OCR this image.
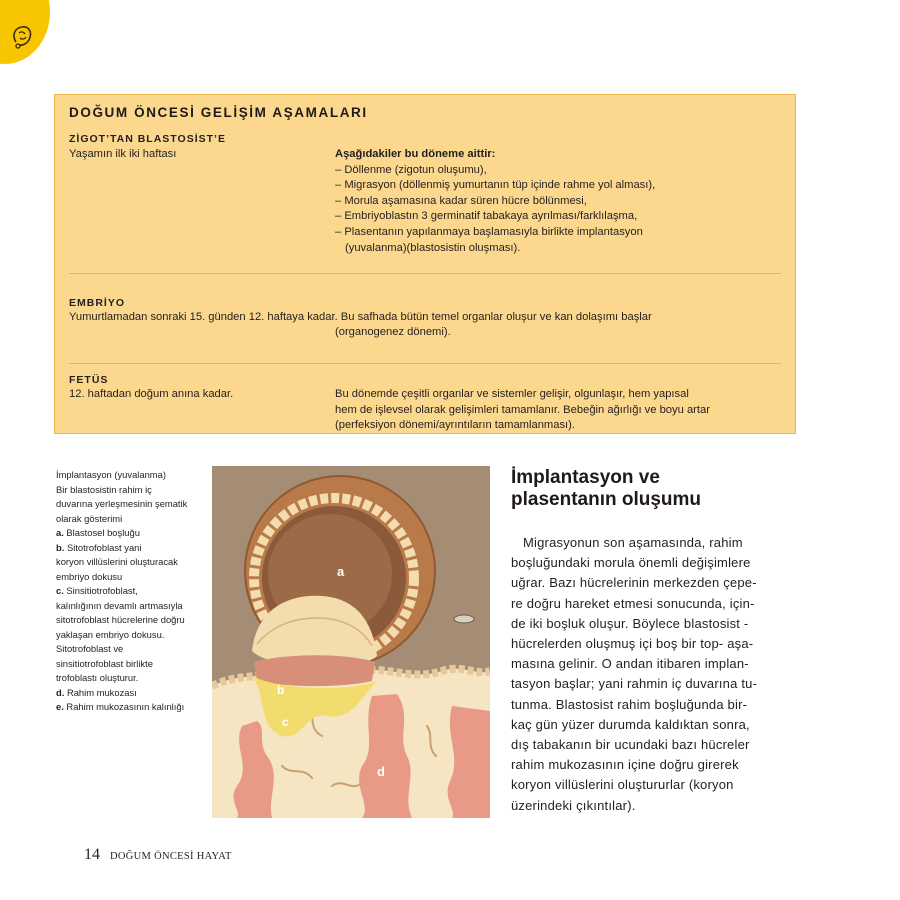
DOĞUM ÖNCESİ GELİŞİM AŞAMALARI
ZİGOT’TAN BLASTOSİST’E
Yaşamın ilk iki haftası	Aşağıdakiler bu döneme aittir:
– Döllenme (zigotun oluşumu),
– Migrasyon (döllenmiş yumurtanın tüp içinde rahme yol alması),
– Morula aşamasına kadar süren hücre bölünmesi,
– Embriyoblastın 3 germinatif tabakaya ayrılması/farklılaşma,
– Plasentanın yapılanmaya başlamasıyla birlikte implantasyon
(yuvalanma)(blastosistin oluşması).
EMBRİYO
Yumurtlamadan sonraki 15. günden 12. haftaya kadar. Bu safhada bütün temel organlar oluşur ve kan dolaşımı başlar
(organogenez dönemi).
FETÜS
12. haftadan doğum anına kadar.	Bu dönemde çeşitli organlar ve sistemler gelişir, olgunlaşır, hem yapısal
hem de işlevsel olarak gelişimleri tamamlanır. Bebeğin ağırlığı ve boyu artar
(perfeksiyon dönemi/ayrıntıların tamamlanması).
İmplantasyon (yuvalanma)
Bir blastosistin rahim iç
duvarına yerleşmesinin şematik
olarak gösterimi
a. Blastosel boşluğu
b. Sitotrofoblast yani
koryon villüslerini oluşturacak
embriyo dokusu
c. Sinsitiotrofoblast,
kalınlığının devamlı artmasıyla
sitotrofoblast hücrelerine doğru
yaklaşan embriyo dokusu.
Sitotrofoblast ve
sinsitiotrofoblast birlikte
trofoblastı oluşturur.
d. Rahim mukozası
e. Rahim mukozasının kalınlığı
a
b
c
d
İmplantasyon ve
plasentanın oluşumu
Migrasyonun son aşamasında, rahim
boşluğundaki morula önemli değişimlere
uğrar. Bazı hücrelerinin merkezden çepe-
re doğru hareket etmesi sonucunda, için-
de iki boşluk oluşur. Böylece blastosist -
hücrelerden oluşmuş içi boş bir top- aşa-
masına gelinir. O andan itibaren implan-
tasyon başlar; yani rahmin iç duvarına tu-
tunma. Blastosist rahim boşluğunda bir-
kaç gün yüzer durumda kaldıktan sonra,
dış tabakanın bir ucundaki bazı hücreler
rahim mukozasının içine doğru girerek
koryon villüslerini oluştururlar (koryon
üzerindeki çıkıntılar).
14 DOĞUM ÖNCESİ HAYAT
